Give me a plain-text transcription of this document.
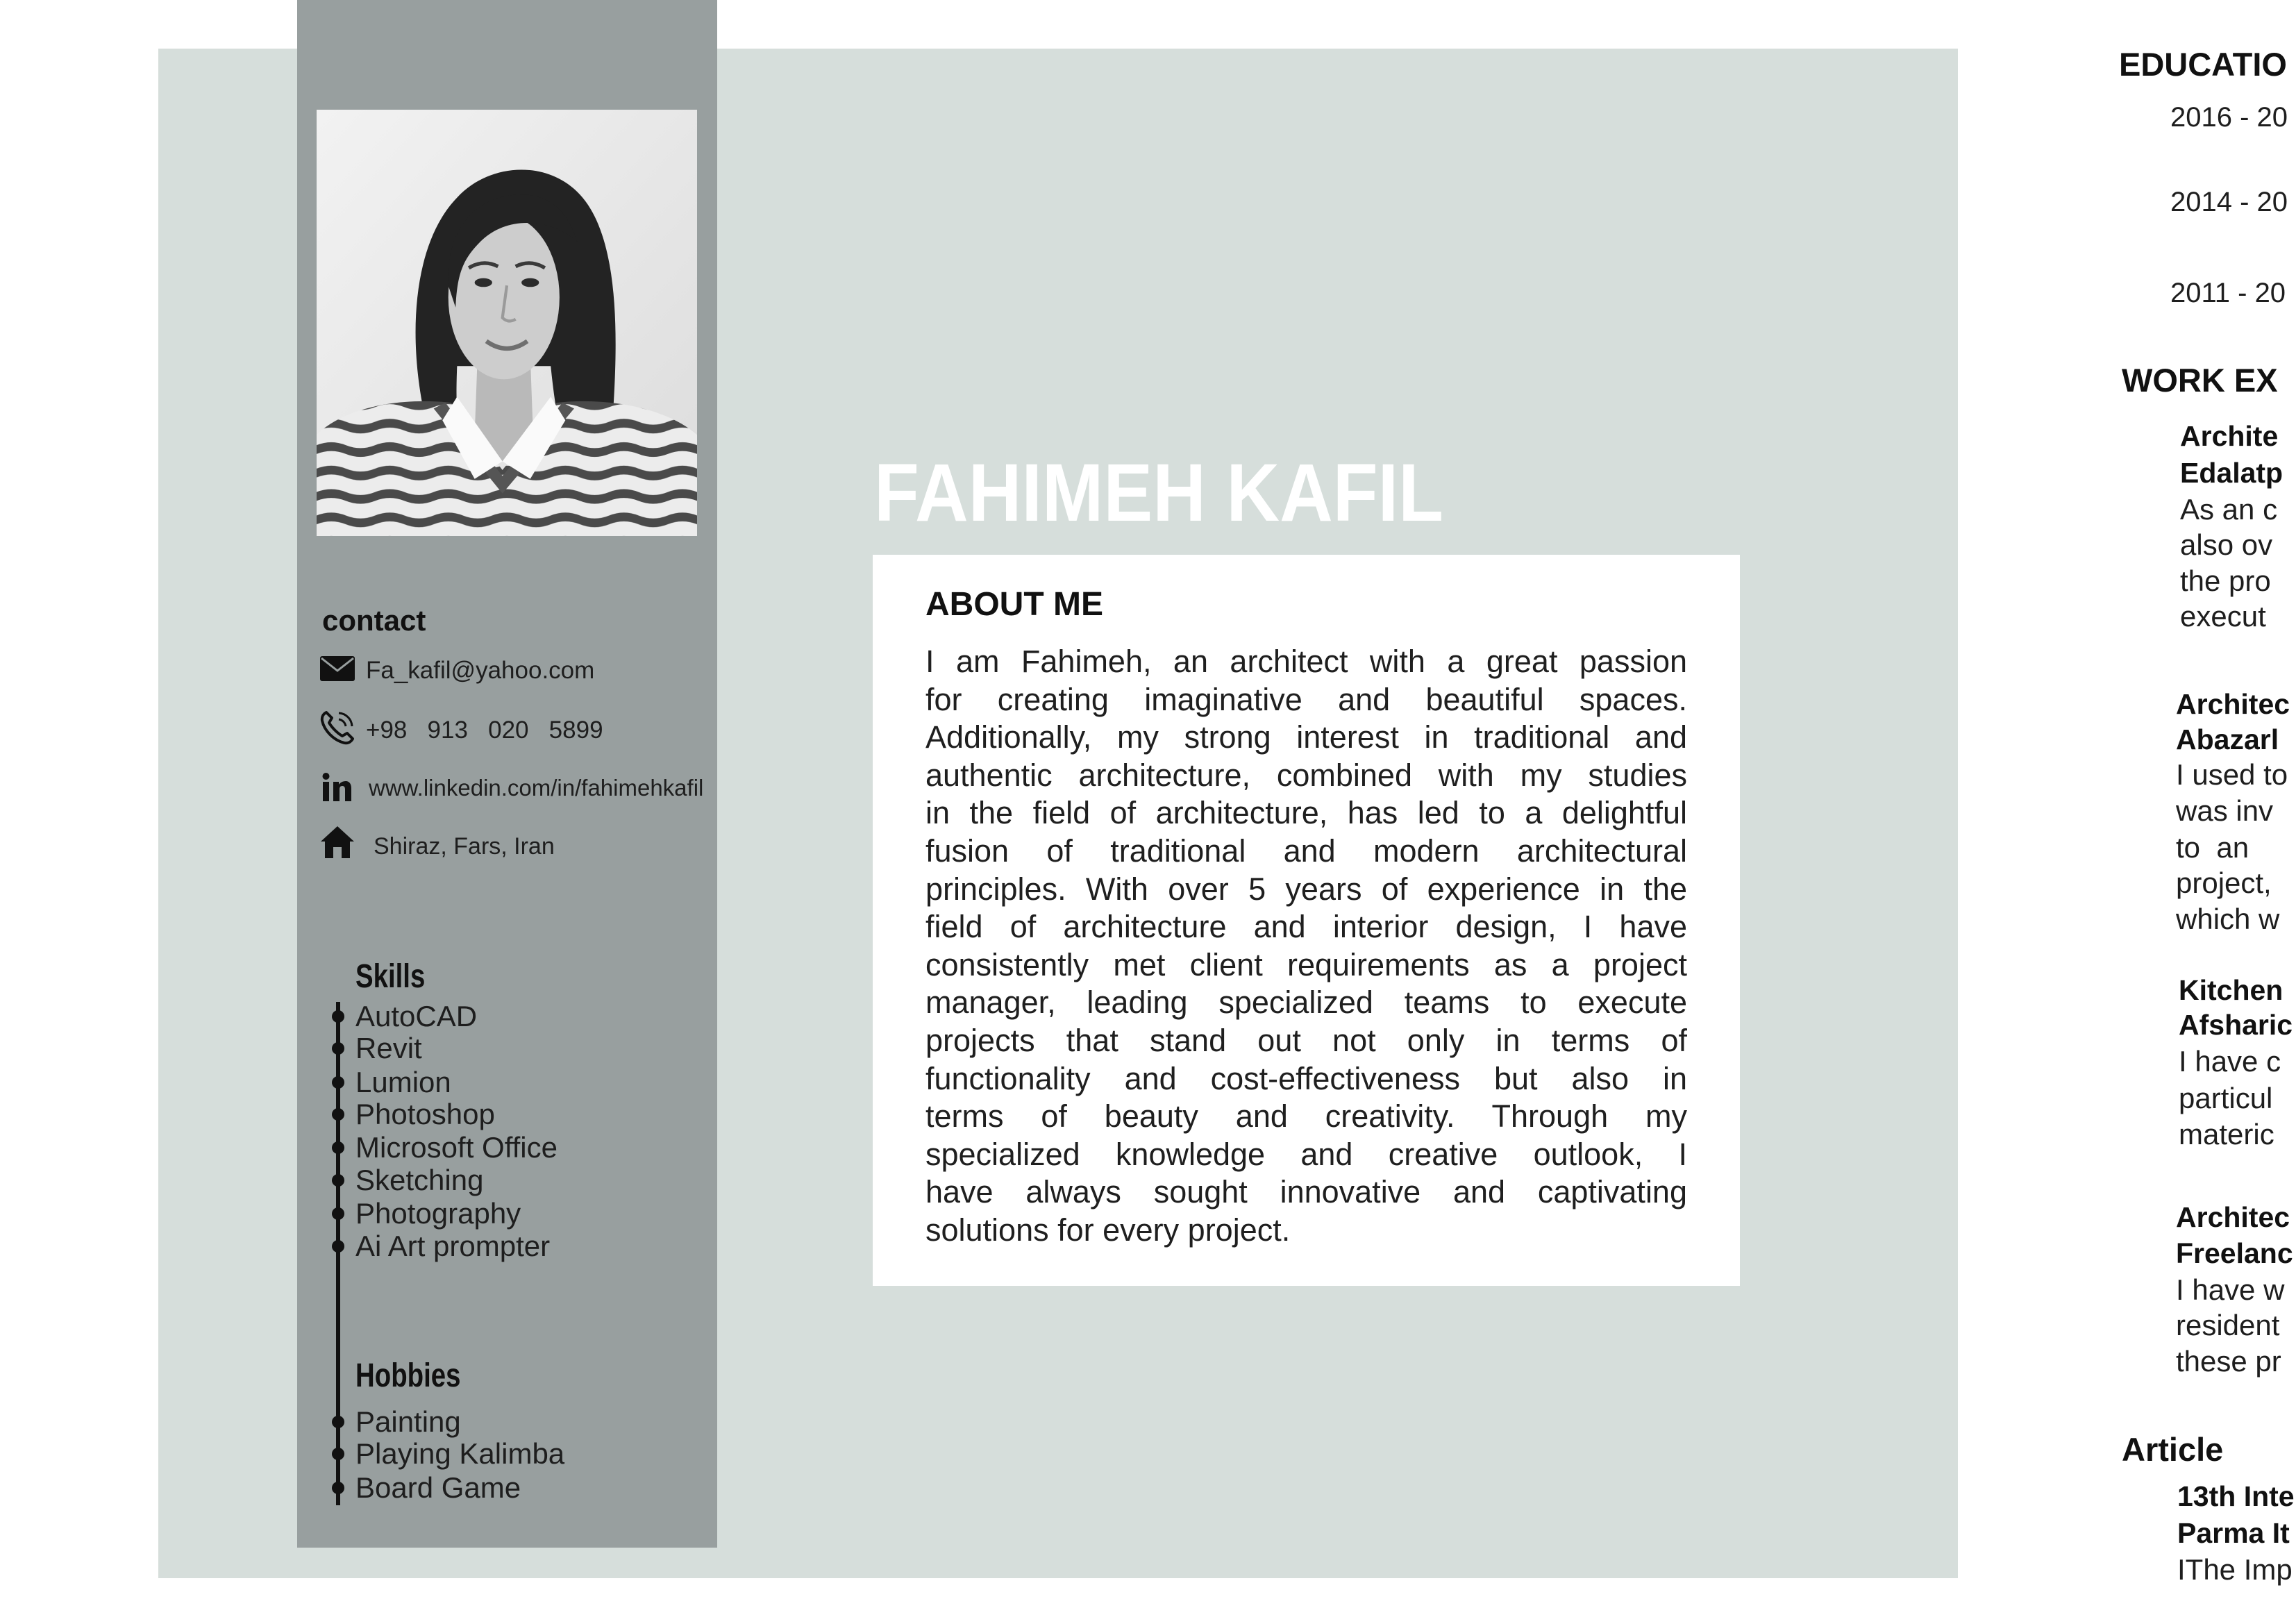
contact
Fa_kafil@yahoo.com
+98   913   020   5899
www.linkedin.com/in/fahimehkafil
Shiraz, Fars, Iran
Skills
AutoCAD
Revit
Lumion
Photoshop
Microsoft Office
Sketching
Photography
Ai Art prompter
Hobbies
Painting
Playing Kalimba
Board Game
FAHIMEH KAFIL
ABOUT ME
I am Fahimeh, an architect with a great passion
for creating imaginative and beautiful spaces.
Additionally, my strong interest in traditional and
authentic architecture, combined with my studies
in the field of architecture, has led to a delightful
fusion of traditional and modern architectural
principles. With over 5 years of experience in the
field of architecture and interior design, I have
consistently met client requirements as a project
manager, leading specialized teams to execute
projects that stand out not only in terms of
functionality and cost-effectiveness but also in
terms of beauty and creativity. Through my
specialized knowledge and creative outlook, I
have always sought innovative and captivating
solutions for every project.
EDUCATIO
2016 - 20
2014 - 20
2011 - 20
WORK EX
Archite
Edalatp
As an c
also ov
the pro
execut
Architec
Abazarl
I used to
was inv
to  an
project,
which w
Kitchen
Afsharic
I have c
particul
materic
Architec
Freelanc
I have w
resident
these pr
Article
13th Inte
Parma It
IThe Imp
